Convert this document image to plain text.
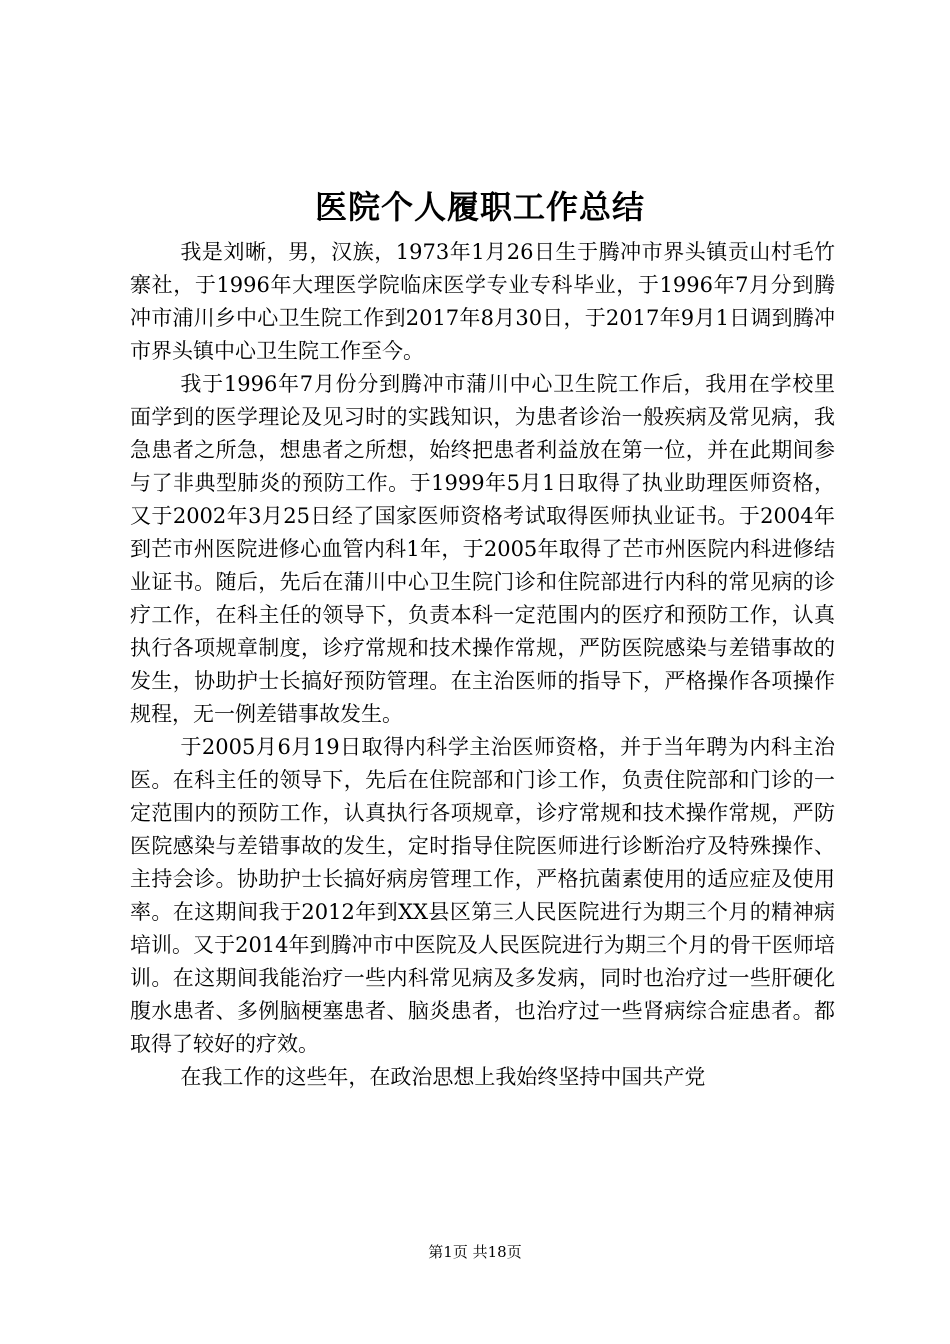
医院个人履职工作总结

我是刘晰，男，汉族，1973年1月26日生于腾冲市界头镇贡山村毛竹寨社，于1996年大理医学院临床医学专业专科毕业，于1996年7月分到腾冲市浦川乡中心卫生院工作到2017年8月30日，于2017年9月1日调到腾冲市界头镇中心卫生院工作至今。

我于1996年7月份分到腾冲市蒲川中心卫生院工作后，我用在学校里面学到的医学理论及见习时的实践知识，为患者诊治一般疾病及常见病，我急患者之所急，想患者之所想，始终把患者利益放在第一位，并在此期间参与了非典型肺炎的预防工作。于1999年5月1日取得了执业助理医师资格，又于2002年3月25日经了国家医师资格考试取得医师执业证书。于2004年到芒市州医院进修心血管内科1年，于2005年取得了芒市州医院内科进修结业证书。随后，先后在蒲川中心卫生院门诊和住院部进行内科的常见病的诊疗工作，在科主任的领导下，负责本科一定范围内的医疗和预防工作，认真执行各项规章制度，诊疗常规和技术操作常规，严防医院感染与差错事故的发生，协助护士长搞好预防管理。在主治医师的指导下，严格操作各项操作规程，无一例差错事故发生。

于2005月6月19日取得内科学主治医师资格，并于当年聘为内科主治医。在科主任的领导下，先后在住院部和门诊工作，负责住院部和门诊的一定范围内的预防工作，认真执行各项规章，诊疗常规和技术操作常规，严防医院感染与差错事故的发生，定时指导住院医师进行诊断治疗及特殊操作、主持会诊。协助护士长搞好病房管理工作，严格抗菌素使用的适应症及使用率。在这期间我于2012年到XX县区第三人民医院进行为期三个月的精神病培训。又于2014年到腾冲市中医院及人民医院进行为期三个月的骨干医师培训。在这期间我能治疗一些内科常见病及多发病，同时也治疗过一些肝硬化腹水患者、多例脑梗塞患者、脑炎患者，也治疗过一些肾病综合症患者。都取得了较好的疗效。

在我工作的这些年，在政治思想上我始终坚持中国共产党

第1页 共18页
